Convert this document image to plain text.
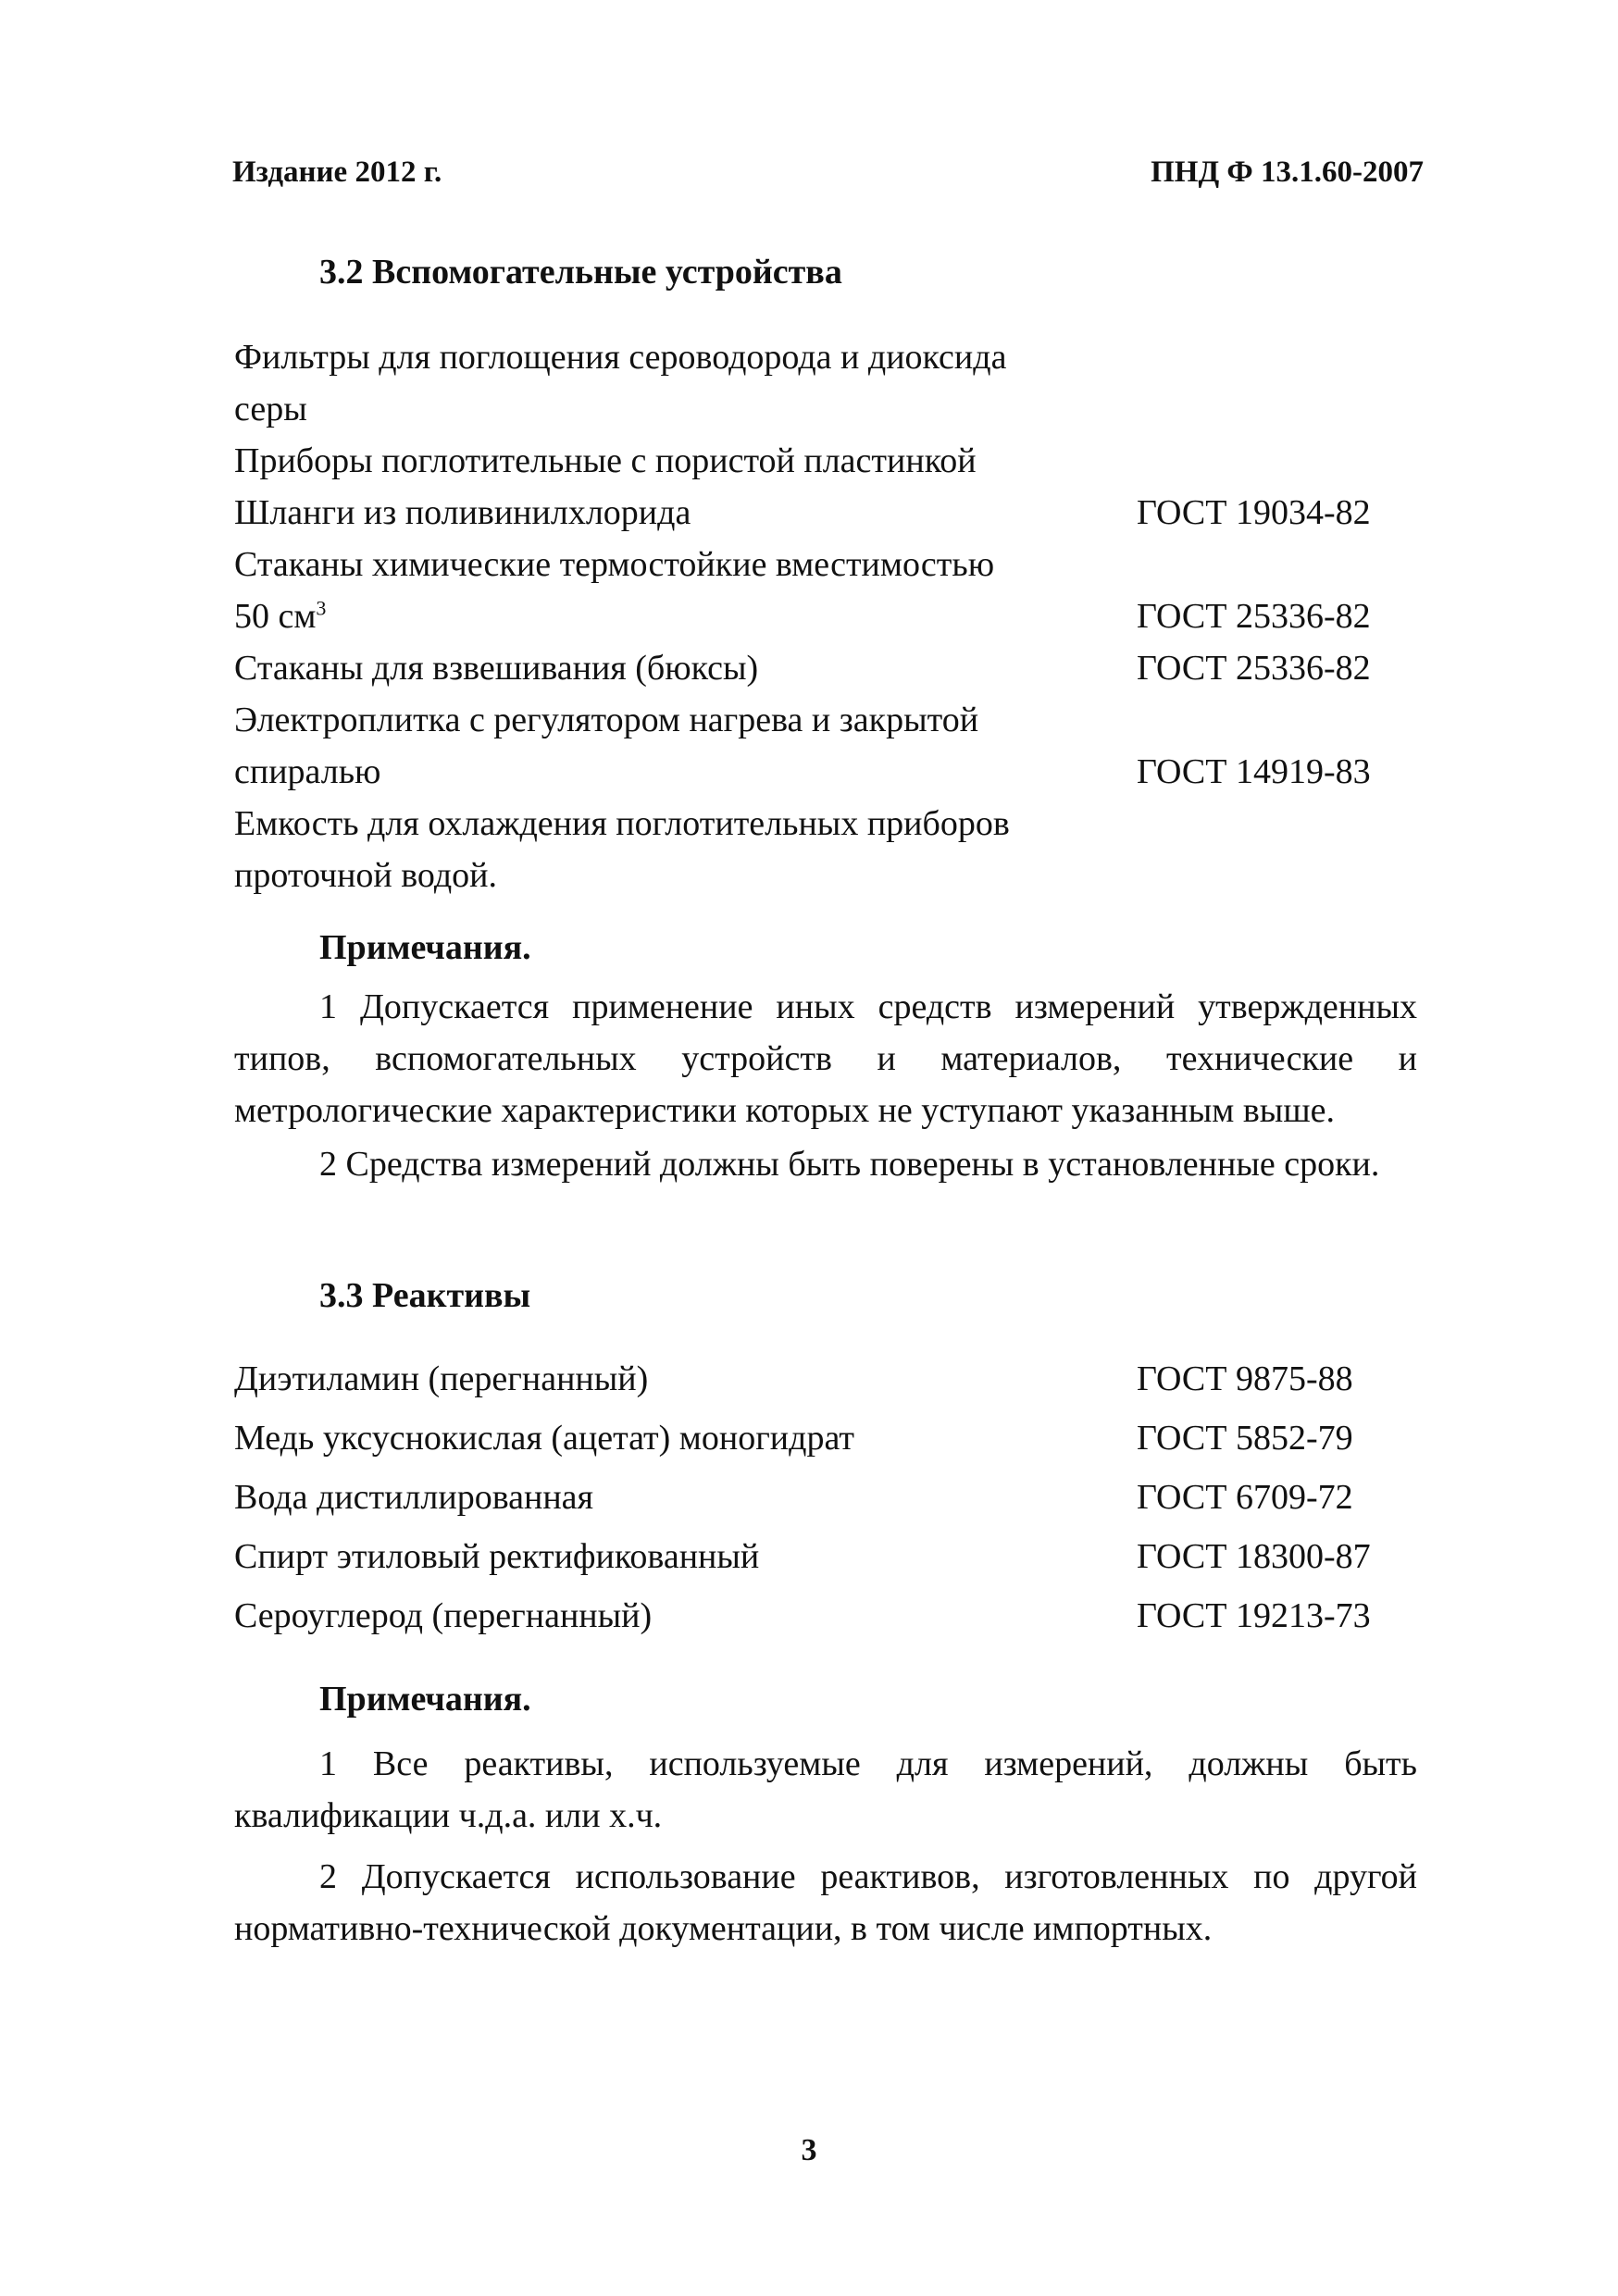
Издание 2012 г.	ПНД Ф 13.1.60-2007
3.2 Вспомогательные устройства
Фильтры для поглощения сероводорода и диоксида
серы
Приборы поглотительные с пористой пластинкой
Шланги из поливинилхлорида	ГОСТ 19034-82
Стаканы химические термостойкие вместимостью
50 $см^3$	ГОСТ 25336-82
Стаканы для взвешивания (бюксы)	ГОСТ 25336-82
Электроплитка с регулятором нагрева и закрытой
спиралью	ГОСТ 14919-83
Емкость для охлаждения поглотительных приборов
проточной водой.
Примечания.

1 Допускается применение иных средств измерений утвержденных типов, вспомогательных устройств и материалов, технические и метрологические характеристики которых не уступают указанным выше.

2 Средства измерений должны быть поверены в установленные сроки.

3.3 Реактивы
Диэтиламин (перегнанный)	ГОСТ 9875-88
Медь уксуснокислая (ацетат) моногидрат	ГОСТ 5852-79
Вода дистиллированная	ГОСТ 6709-72
Спирт этиловый ректификованный	ГОСТ 18300-87
Сероуглерод (перегнанный)	ГОСТ 19213-73
Примечания.

1 Все реактивы, используемые для измерений, должны быть квалификации ч.д.а. или х.ч.

2 Допускается использование реактивов, изготовленных по другой нормативно-технической документации, в том числе импортных.

3
